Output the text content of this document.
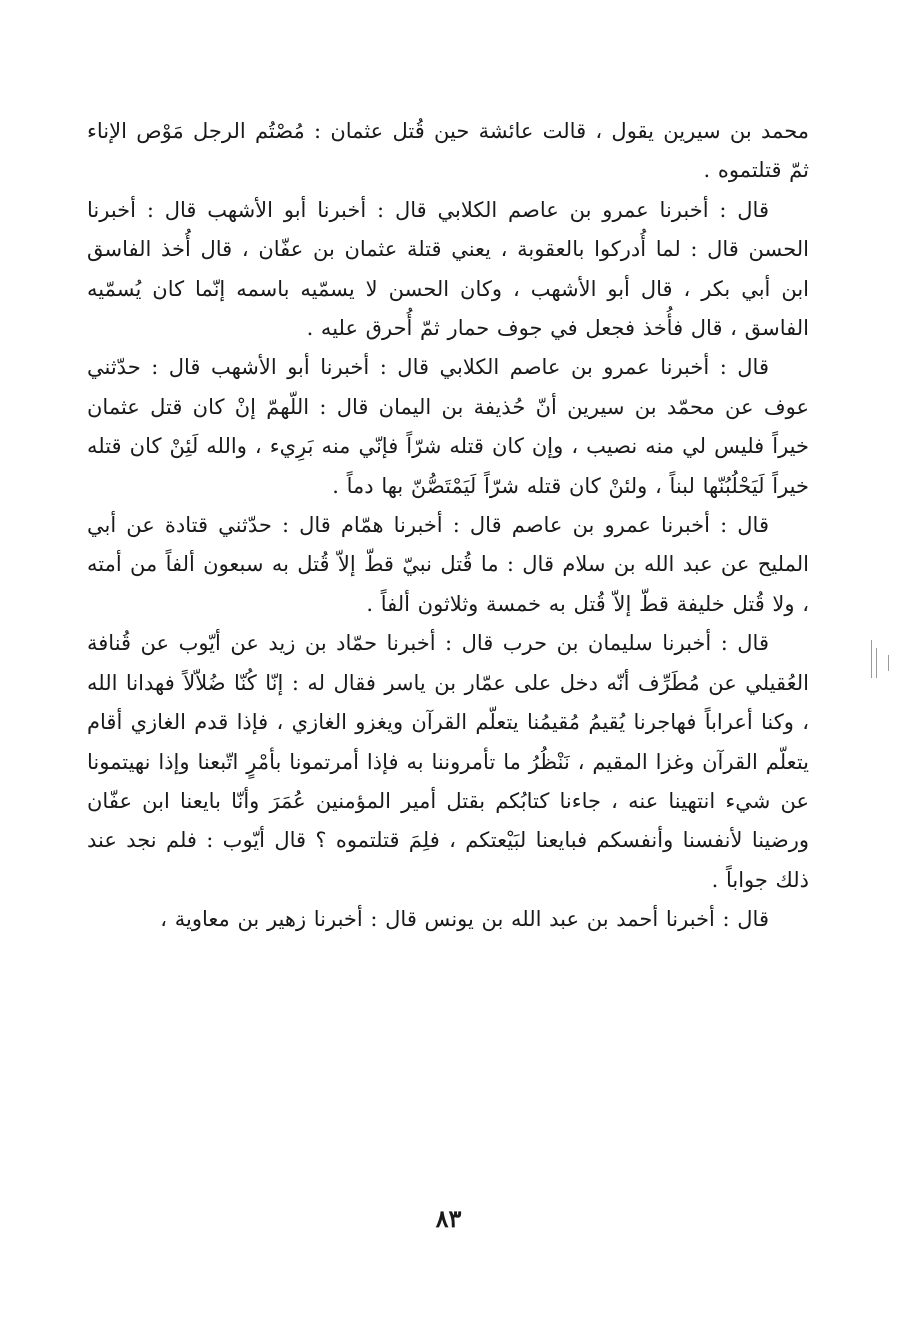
محمد بن سيرين يقول ، قالت عائشة حين قُتل عثمان : مُصْتُم الرجل مَوْص الإناء ثمّ قتلتموه .

قال : أخبرنا عمرو بن عاصم الكلابي قال : أخبرنا أبو الأشهب قال : أخبرنا الحسن قال : لما أُدركوا بالعقوبة ، يعني قتلة عثمان بن عفّان ، قال أُخذ الفاسق ابن أبي بكر ، قال أبو الأشهب ، وكان الحسن لا يسمّيه باسمه إنّما كان يُسمّيه الفاسق ، قال فأُخذ فجعل في جوف حمار ثمّ أُحرق عليه .

قال : أخبرنا عمرو بن عاصم الكلابي قال : أخبرنا أبو الأشهب قال : حدّثني عوف عن محمّد بن سيرين أنّ حُذيفة بن اليمان قال : اللّهمّ إنْ كان قتل عثمان خيراً فليس لي منه نصيب ، وإن كان قتله شرّاً فإنّي منه بَرِيء ، والله لَئِنْ كان قتله خيراً لَيَحْلُبُنّها لبناً ، ولئنْ كان قتله شرّاً لَيَمْتَصُّنّ بها دماً .

قال : أخبرنا عمرو بن عاصم قال : أخبرنا همّام قال : حدّثني قتادة عن أبي المليح عن عبد الله بن سلام قال : ما قُتل نبيّ قطّ إلاّ قُتل به سبعون ألفاً من أمته ، ولا قُتل خليفة قطّ إلاّ قُتل به خمسة وثلاثون ألفاً .

قال : أخبرنا سليمان بن حرب قال : أخبرنا حمّاد بن زيد عن أيّوب عن قُنافة العُقيلي عن مُطَرِّف أنّه دخل على عمّار بن ياسر فقال له : إنّا كُنّا ضُلاّلاً فهدانا الله ، وكنا أعراباً فهاجرنا يُقيمُ مُقيمُنا يتعلّم القرآن ويغزو الغازي ، فإذا قدم الغازي أقام يتعلّم القرآن وغزا المقيم ، نَنْظُرُ ما تأمروننا به فإذا أمرتمونا بأمْرٍ اتّبعنا وإذا نهيتمونا عن شيء انتهينا عنه ، جاءنا كتابُكم بقتل أمير المؤمنين عُمَرَ وأنّا بايعنا ابن عفّان ورضينا لأنفسنا وأنفسكم فبايعنا لبَيْعتكم ، فلِمَ قتلتموه ؟ قال أيّوب : فلم نجد عند ذلك جواباً .

قال : أخبرنا أحمد بن عبد الله بن يونس قال : أخبرنا زهير بن معاوية ،

٨٣
